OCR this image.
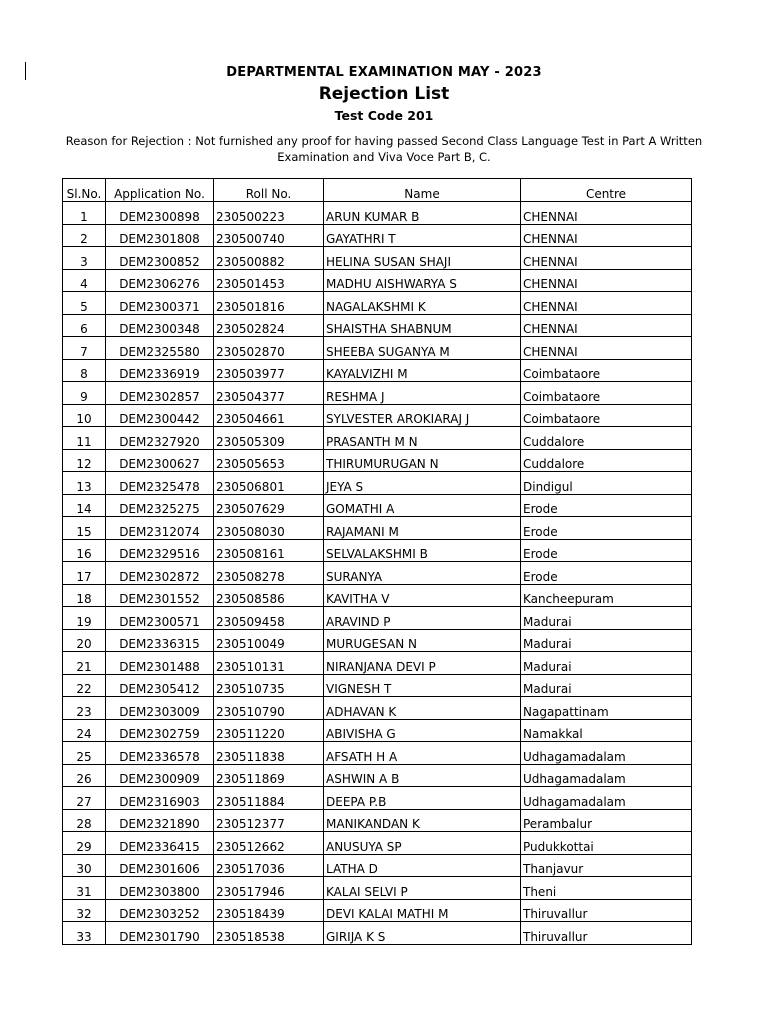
DEPARTMENTAL EXAMINATION MAY - 2023
Rejection List
Test Code 201
Reason for Rejection : Not furnished any proof for having passed Second Class Language Test in Part A Written
Examination and Viva Voce Part B, C.
Sl.No.	Application No.	Roll No.	Name	Centre
1	DEM2300898	230500223	ARUN KUMAR B	CHENNAI
2	DEM2301808	230500740	GAYATHRI T	CHENNAI
3	DEM2300852	230500882	HELINA SUSAN SHAJI	CHENNAI
4	DEM2306276	230501453	MADHU AISHWARYA S	CHENNAI
5	DEM2300371	230501816	NAGALAKSHMI K	CHENNAI
6	DEM2300348	230502824	SHAISTHA SHABNUM	CHENNAI
7	DEM2325580	230502870	SHEEBA SUGANYA M	CHENNAI
8	DEM2336919	230503977	KAYALVIZHI M	Coimbataore
9	DEM2302857	230504377	RESHMA J	Coimbataore
10	DEM2300442	230504661	SYLVESTER AROKIARAJ J	Coimbataore
11	DEM2327920	230505309	PRASANTH M N	Cuddalore
12	DEM2300627	230505653	THIRUMURUGAN N	Cuddalore
13	DEM2325478	230506801	JEYA S	Dindigul
14	DEM2325275	230507629	GOMATHI A	Erode
15	DEM2312074	230508030	RAJAMANI M	Erode
16	DEM2329516	230508161	SELVALAKSHMI B	Erode
17	DEM2302872	230508278	SURANYA	Erode
18	DEM2301552	230508586	KAVITHA V	Kancheepuram
19	DEM2300571	230509458	ARAVIND P	Madurai
20	DEM2336315	230510049	MURUGESAN N	Madurai
21	DEM2301488	230510131	NIRANJANA DEVI P	Madurai
22	DEM2305412	230510735	VIGNESH T	Madurai
23	DEM2303009	230510790	ADHAVAN K	Nagapattinam
24	DEM2302759	230511220	ABIVISHA G	Namakkal
25	DEM2336578	230511838	AFSATH H A	Udhagamadalam
26	DEM2300909	230511869	ASHWIN A B	Udhagamadalam
27	DEM2316903	230511884	DEEPA P.B	Udhagamadalam
28	DEM2321890	230512377	MANIKANDAN K	Perambalur
29	DEM2336415	230512662	ANUSUYA SP	Pudukkottai
30	DEM2301606	230517036	LATHA D	Thanjavur
31	DEM2303800	230517946	KALAI SELVI P	Theni
32	DEM2303252	230518439	DEVI KALAI MATHI M	Thiruvallur
33	DEM2301790	230518538	GIRIJA K S	Thiruvallur
